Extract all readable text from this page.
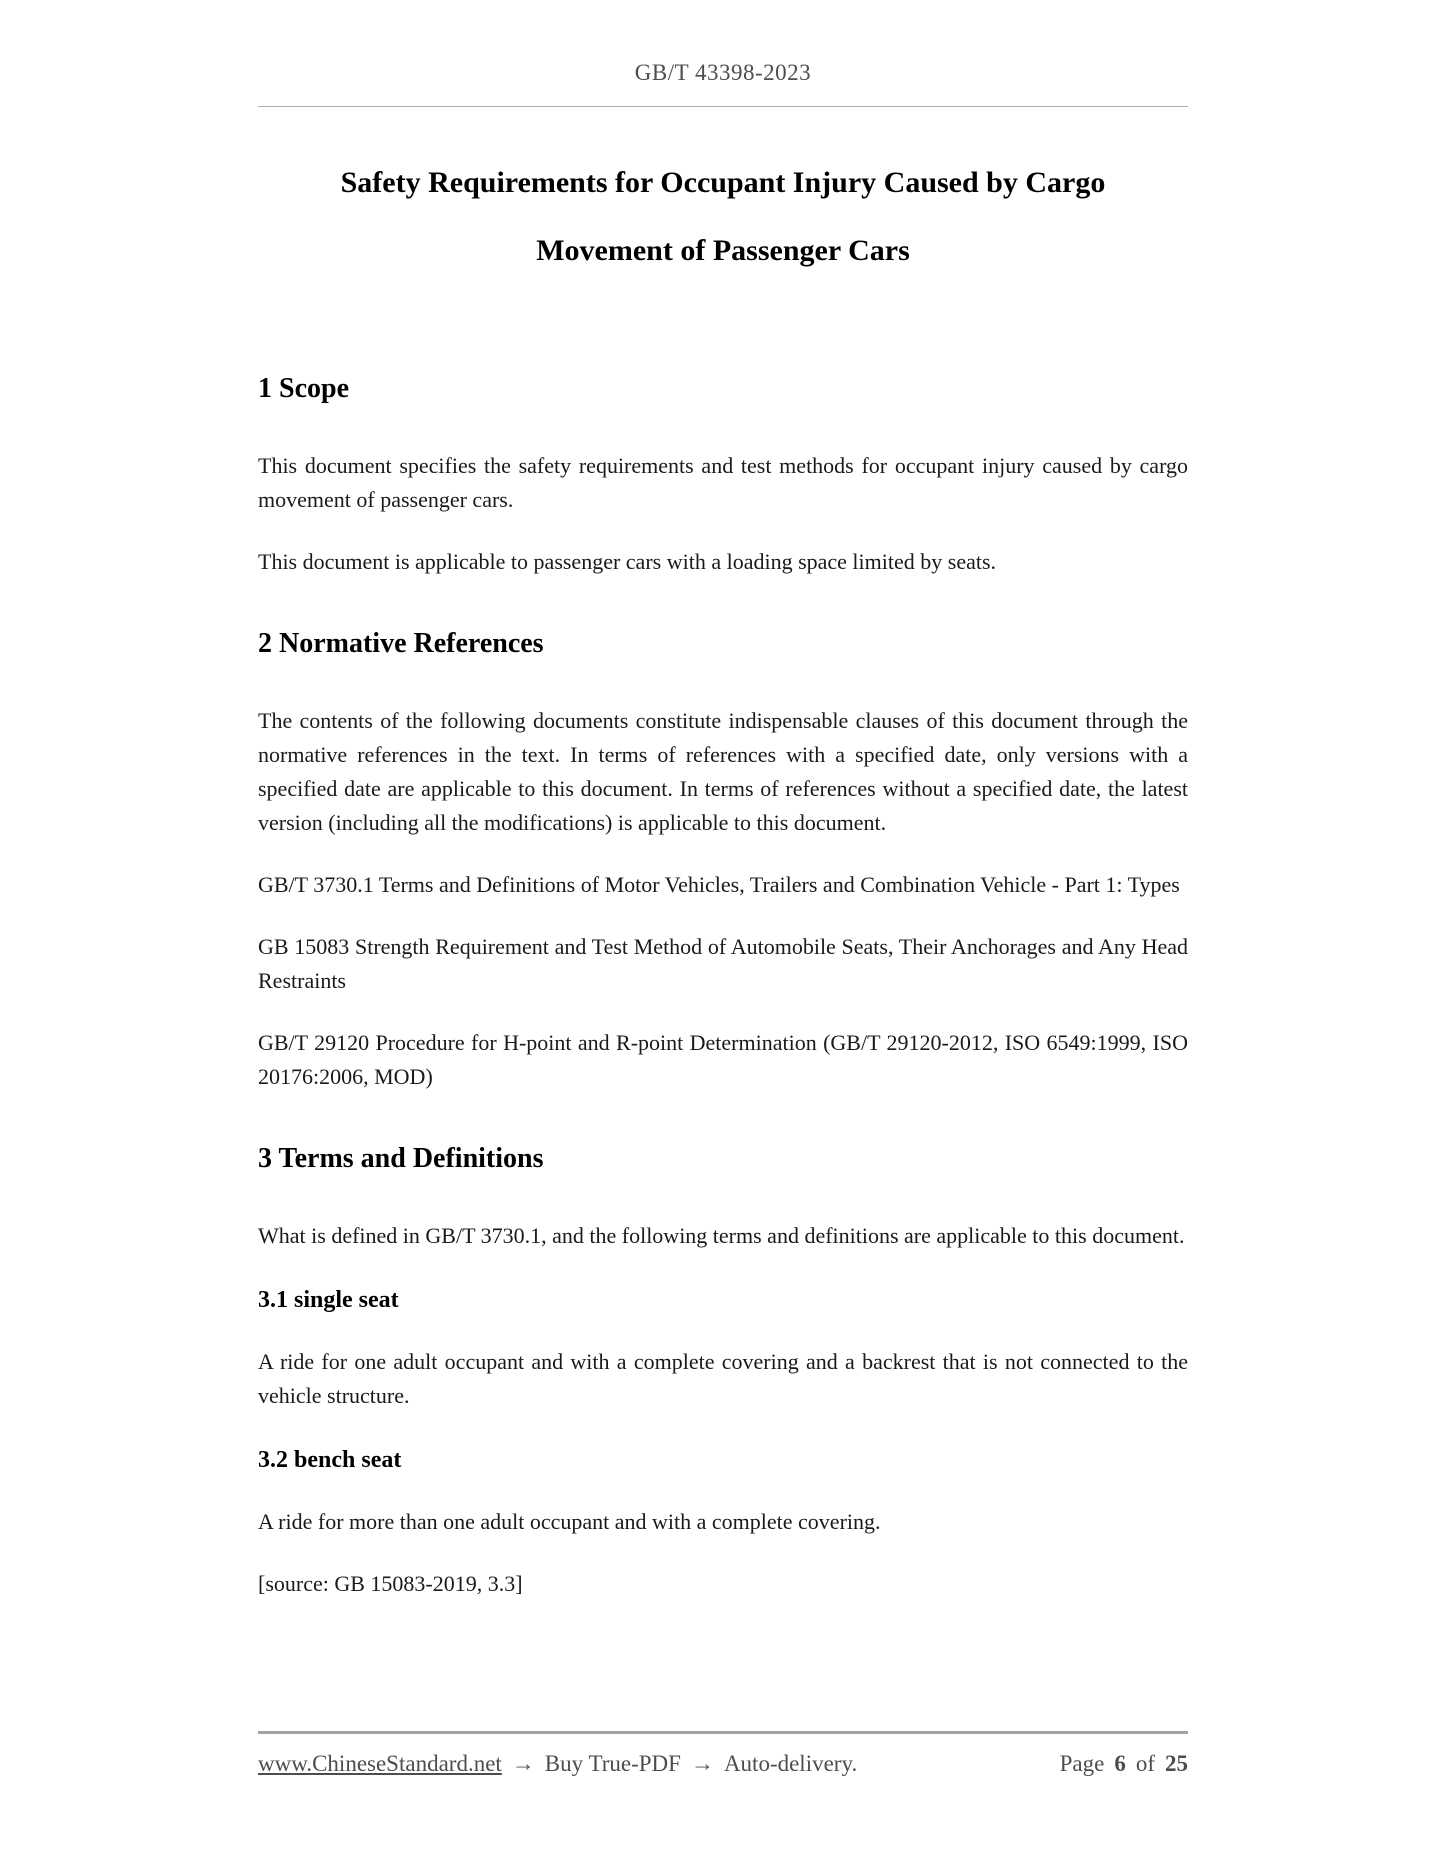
GB/T 43398-2023
Safety Requirements for Occupant Injury Caused by Cargo
Movement of Passenger Cars
1 Scope

This document specifies the safety requirements and test methods for occupant injury caused by cargo movement of passenger cars.

This document is applicable to passenger cars with a loading space limited by seats.

2 Normative References

The contents of the following documents constitute indispensable clauses of this document through the normative references in the text. In terms of references with a specified date, only versions with a specified date are applicable to this document. In terms of references without a specified date, the latest version (including all the modifications) is applicable to this document.

GB/T 3730.1 Terms and Definitions of Motor Vehicles, Trailers and Combination Vehicle - Part 1: Types

GB 15083 Strength Requirement and Test Method of Automobile Seats, Their Anchorages and Any Head Restraints

GB/T 29120 Procedure for H-point and R-point Determination (GB/T 29120-2012, ISO 6549:1999, ISO 20176:2006, MOD)

3 Terms and Definitions

What is defined in GB/T 3730.1, and the following terms and definitions are applicable to this document.

3.1 single seat

A ride for one adult occupant and with a complete covering and a backrest that is not connected to the vehicle structure.

3.2 bench seat

A ride for more than one adult occupant and with a complete covering.

[source: GB 15083-2019, 3.3]

www.ChineseStandard.net → Buy True-PDF → Auto-delivery.	Page 6 of 25
